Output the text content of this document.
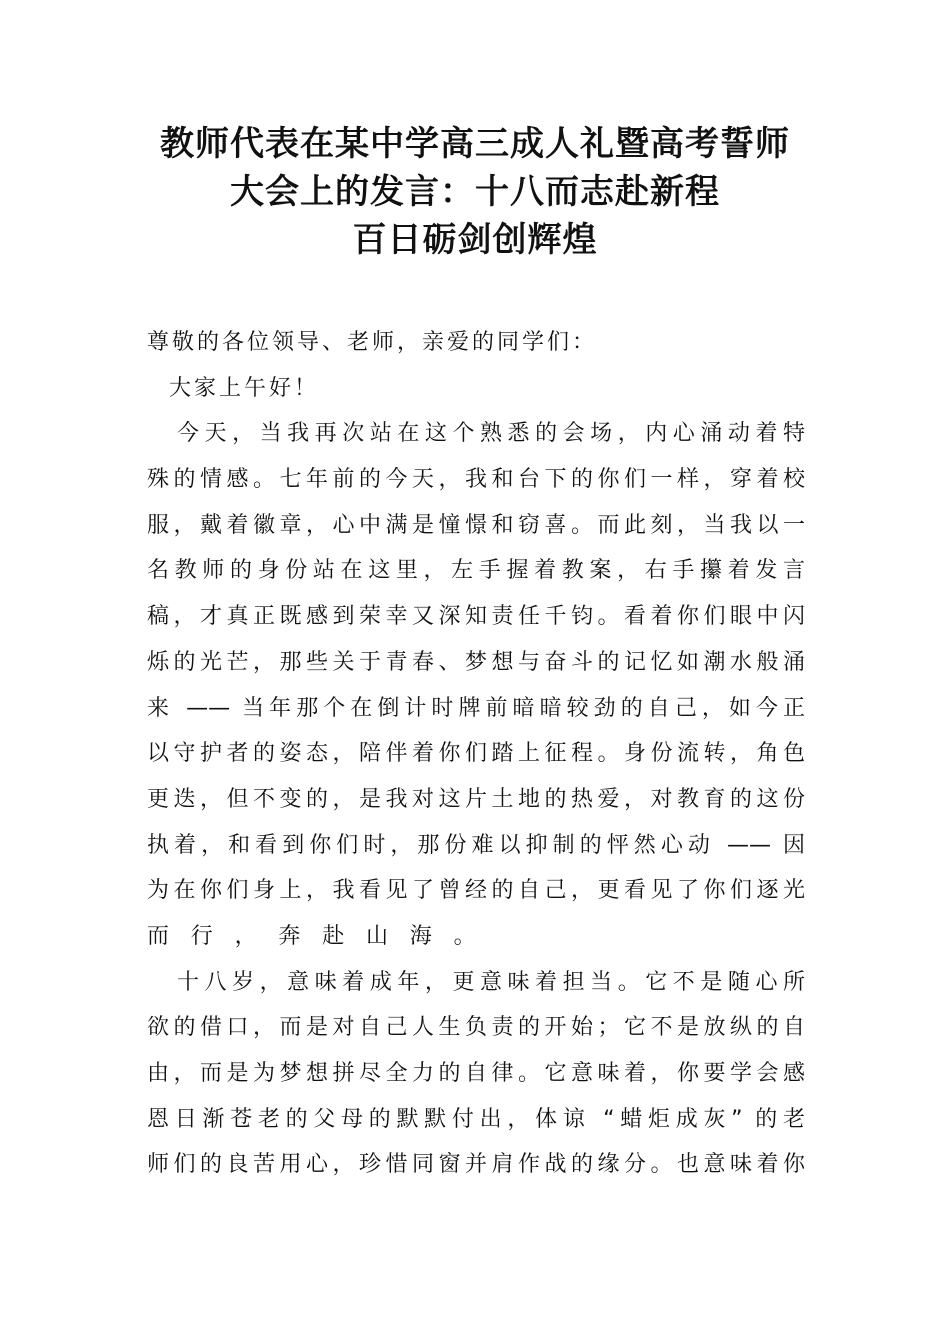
教师代表在某中学高三成人礼暨高考誓师
大会上的发言：十八而志赴新程
百日砺剑创辉煌
尊敬的各位领导、老师，亲爱的同学们：
大家上午好！
今天，当我再次站在这个熟悉的会场，内心涌动着特
殊的情感。七年前的今天，我和台下的你们一样，穿着校
服，戴着徽章，心中满是憧憬和窃喜。而此刻，当我以一
名教师的身份站在这里，左手握着教案，右手攥着发言
稿，才真正既感到荣幸又深知责任千钧。看着你们眼中闪
烁的光芒，那些关于青春、梦想与奋斗的记忆如潮水般涌
来 —— 当年那个在倒计时牌前暗暗较劲的自己，如今正
以守护者的姿态，陪伴着你们踏上征程。身份流转，角色
更迭，但不变的，是我对这片土地的热爱，对教育的这份
执着，和看到你们时，那份难以抑制的怦然心动 —— 因
为在你们身上，我看见了曾经的自己，更看见了你们逐光
而行，奔赴山海。
十八岁，意味着成年，更意味着担当。它不是随心所
欲的借口，而是对自己人生负责的开始；它不是放纵的自
由，而是为梦想拼尽全力的自律。它意味着，你要学会感
恩日渐苍老的父母的默默付出，体谅 “蜡炬成灰” 的老
师们的良苦用心，珍惜同窗并肩作战的缘分。也意味着你
